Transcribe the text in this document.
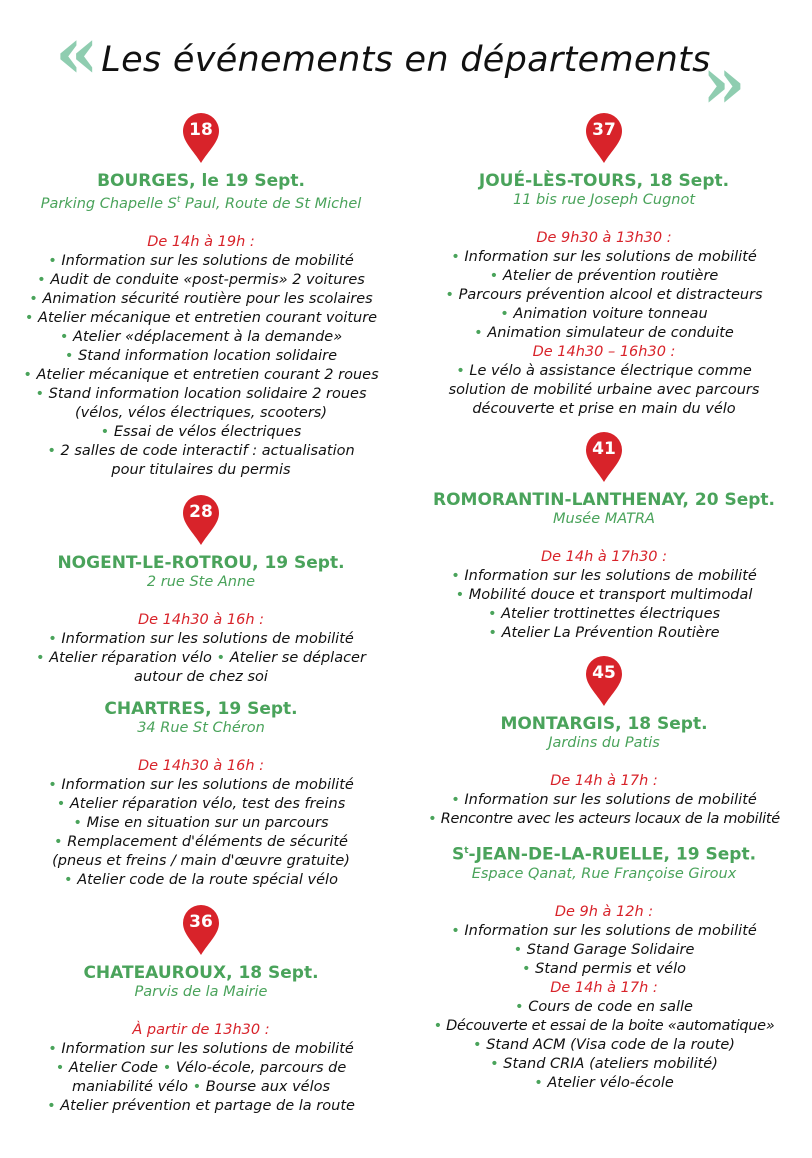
« Les événements en départements
»
18
BOURGES, le 19 Sept.
Parking Chapelle $S^t$ Paul, Route de St Michel
De 14h à 19h :
• Information sur les solutions de mobilité
• Audit de conduite «post-permis» 2 voitures
• Animation sécurité routière pour les scolaires
• Atelier mécanique et entretien courant voiture
• Atelier «déplacement à la demande»
• Stand information location solidaire
• Atelier mécanique et entretien courant 2 roues
• Stand information location solidaire 2 roues
(vélos, vélos électriques, scooters)
• Essai de vélos électriques
• 2 salles de code interactif : actualisation
pour titulaires du permis
28
NOGENT-LE-ROTROU, 19 Sept.
2 rue Ste Anne
De 14h30 à 16h :
• Information sur les solutions de mobilité
• Atelier réparation vélo • Atelier se déplacer
autour de chez soi
CHARTRES, 19 Sept.
34 Rue St Chéron
De 14h30 à 16h :
• Information sur les solutions de mobilité
• Atelier réparation vélo, test des freins
• Mise en situation sur un parcours
• Remplacement d'éléments de sécurité
(pneus et freins / main d'œuvre gratuite)
• Atelier code de la route spécial vélo
36
CHATEAUROUX, 18 Sept.
Parvis de la Mairie
À partir de 13h30 :
• Information sur les solutions de mobilité
• Atelier Code • Vélo-école, parcours de
maniabilité vélo • Bourse aux vélos
• Atelier prévention et partage de la route
37
JOUÉ-LÈS-TOURS, 18 Sept.
11 bis rue Joseph Cugnot
De 9h30 à 13h30 :
• Information sur les solutions de mobilité
• Atelier de prévention routière
• Parcours prévention alcool et distracteurs
• Animation voiture tonneau
• Animation simulateur de conduite
De 14h30 – 16h30 :
• Le vélo à assistance électrique comme
solution de mobilité urbaine avec parcours
découverte et prise en main du vélo
41
ROMORANTIN-LANTHENAY, 20 Sept.
Musée MATRA
De 14h à 17h30 :
• Information sur les solutions de mobilité
• Mobilité douce et transport multimodal
• Atelier trottinettes électriques
• Atelier La Prévention Routière
45
MONTARGIS, 18 Sept.
Jardins du Patis
De 14h à 17h :
• Information sur les solutions de mobilité
• Rencontre avec les acteurs locaux de la mobilité
$S^t-JEAN-DE-LA$-RUELLE, 19 Sept.
Espace Qanat, Rue Françoise Giroux
De 9h à 12h :
• Information sur les solutions de mobilité
• Stand Garage Solidaire
• Stand permis et vélo
De 14h à 17h :
• Cours de code en salle
• Découverte et essai de la boite «automatique»
• Stand ACM (Visa code de la route)
• Stand CRIA (ateliers mobilité)
• Atelier vélo-école
